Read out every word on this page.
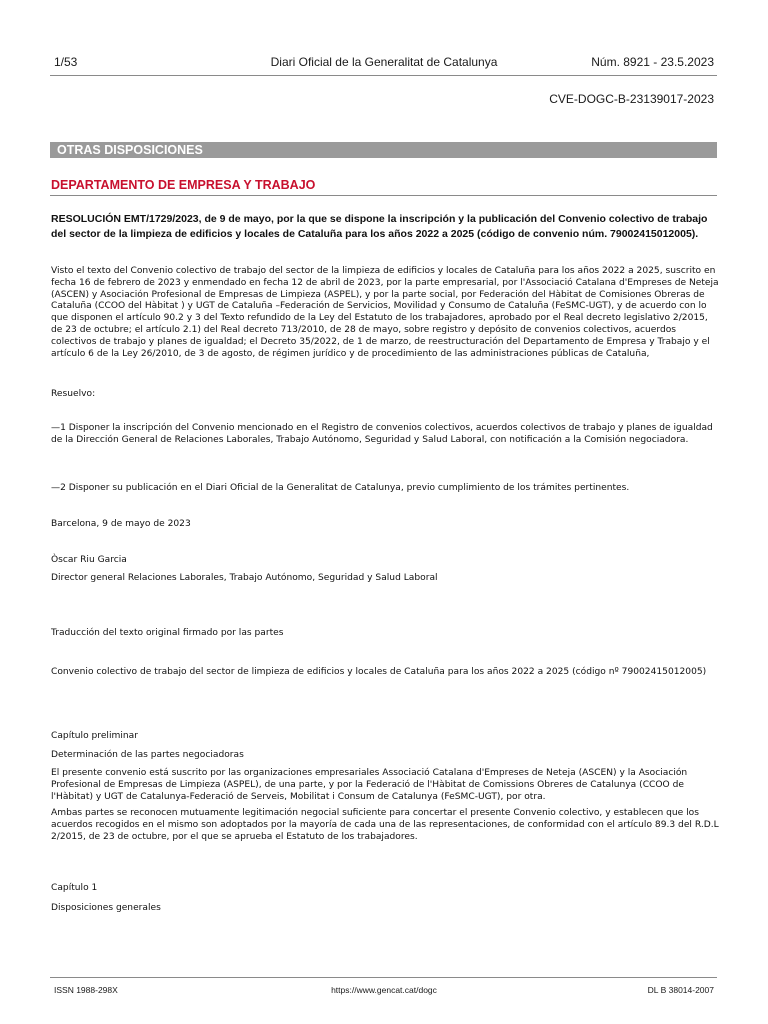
1/53	Diari Oficial de la Generalitat de Catalunya	Núm. 8921 - 23.5.2023
CVE-DOGC-B-23139017-2023
OTRAS DISPOSICIONES
DEPARTAMENTO DE EMPRESA Y TRABAJO
RESOLUCIÓN EMT/1729/2023, de 9 de mayo, por la que se dispone la inscripción y la publicación del Convenio colectivo de trabajo del sector de la limpieza de edificios y locales de Cataluña para los años 2022 a 2025 (código de convenio núm. 79002415012005).

Visto el texto del Convenio colectivo de trabajo del sector de la limpieza de edificios y locales de Cataluña para los años 2022 a 2025, suscrito en fecha 16 de febrero de 2023 y enmendado en fecha 12 de abril de 2023, por la parte empresarial, por l'Associació Catalana d'Empreses de Neteja (ASCEN) y Asociación Profesional de Empresas de Limpieza (ASPEL), y por la parte social, por Federación del Hàbitat de Comisiones Obreras de Cataluña (CCOO del Hàbitat ) y UGT de Cataluña –Federación de Servicios, Movilidad y Consumo de Cataluña (FeSMC-UGT), y de acuerdo con lo que disponen el artículo 90.2 y 3 del Texto refundido de la Ley del Estatuto de los trabajadores, aprobado por el Real decreto legislativo 2/2015, de 23 de octubre; el artículo 2.1) del Real decreto 713/2010, de 28 de mayo, sobre registro y depósito de convenios colectivos, acuerdos colectivos de trabajo y planes de igualdad; el Decreto 35/2022, de 1 de marzo, de reestructuración del Departamento de Empresa y Trabajo y el artículo 6 de la Ley 26/2010, de 3 de agosto, de régimen jurídico y de procedimiento de las administraciones públicas de Cataluña,

Resuelvo:

—1 Disponer la inscripción del Convenio mencionado en el Registro de convenios colectivos, acuerdos colectivos de trabajo y planes de igualdad de la Dirección General de Relaciones Laborales, Trabajo Autónomo, Seguridad y Salud Laboral, con notificación a la Comisión negociadora.

—2 Disponer su publicación en el Diari Oficial de la Generalitat de Catalunya, previo cumplimiento de los trámites pertinentes.

Barcelona, 9 de mayo de 2023

Òscar Riu Garcia

Director general Relaciones Laborales, Trabajo Autónomo, Seguridad y Salud Laboral

Traducción del texto original firmado por las partes

Convenio colectivo de trabajo del sector de limpieza de edificios y locales de Cataluña para los años 2022 a 2025 (código nº 79002415012005)

Capítulo preliminar

Determinación de las partes negociadoras

El presente convenio está suscrito por las organizaciones empresariales Associació Catalana d'Empreses de Neteja (ASCEN) y la Asociación Profesional de Empresas de Limpieza (ASPEL), de una parte, y por la Federació de l'Hàbitat de Comissions Obreres de Catalunya (CCOO de l'Hàbitat) y UGT de Catalunya-Federació de Serveis, Mobilitat i Consum de Catalunya (FeSMC-UGT), por otra.

Ambas partes se reconocen mutuamente legitimación negocial suficiente para concertar el presente Convenio colectivo, y establecen que los acuerdos recogidos en el mismo son adoptados por la mayoría de cada una de las representaciones, de conformidad con el artículo 89.3 del R.D.L 2/2015, de 23 de octubre, por el que se aprueba el Estatuto de los trabajadores.

Capítulo 1

Disposiciones generales

ISSN 1988-298X	https://www.gencat.cat/dogc	DL B 38014-2007
